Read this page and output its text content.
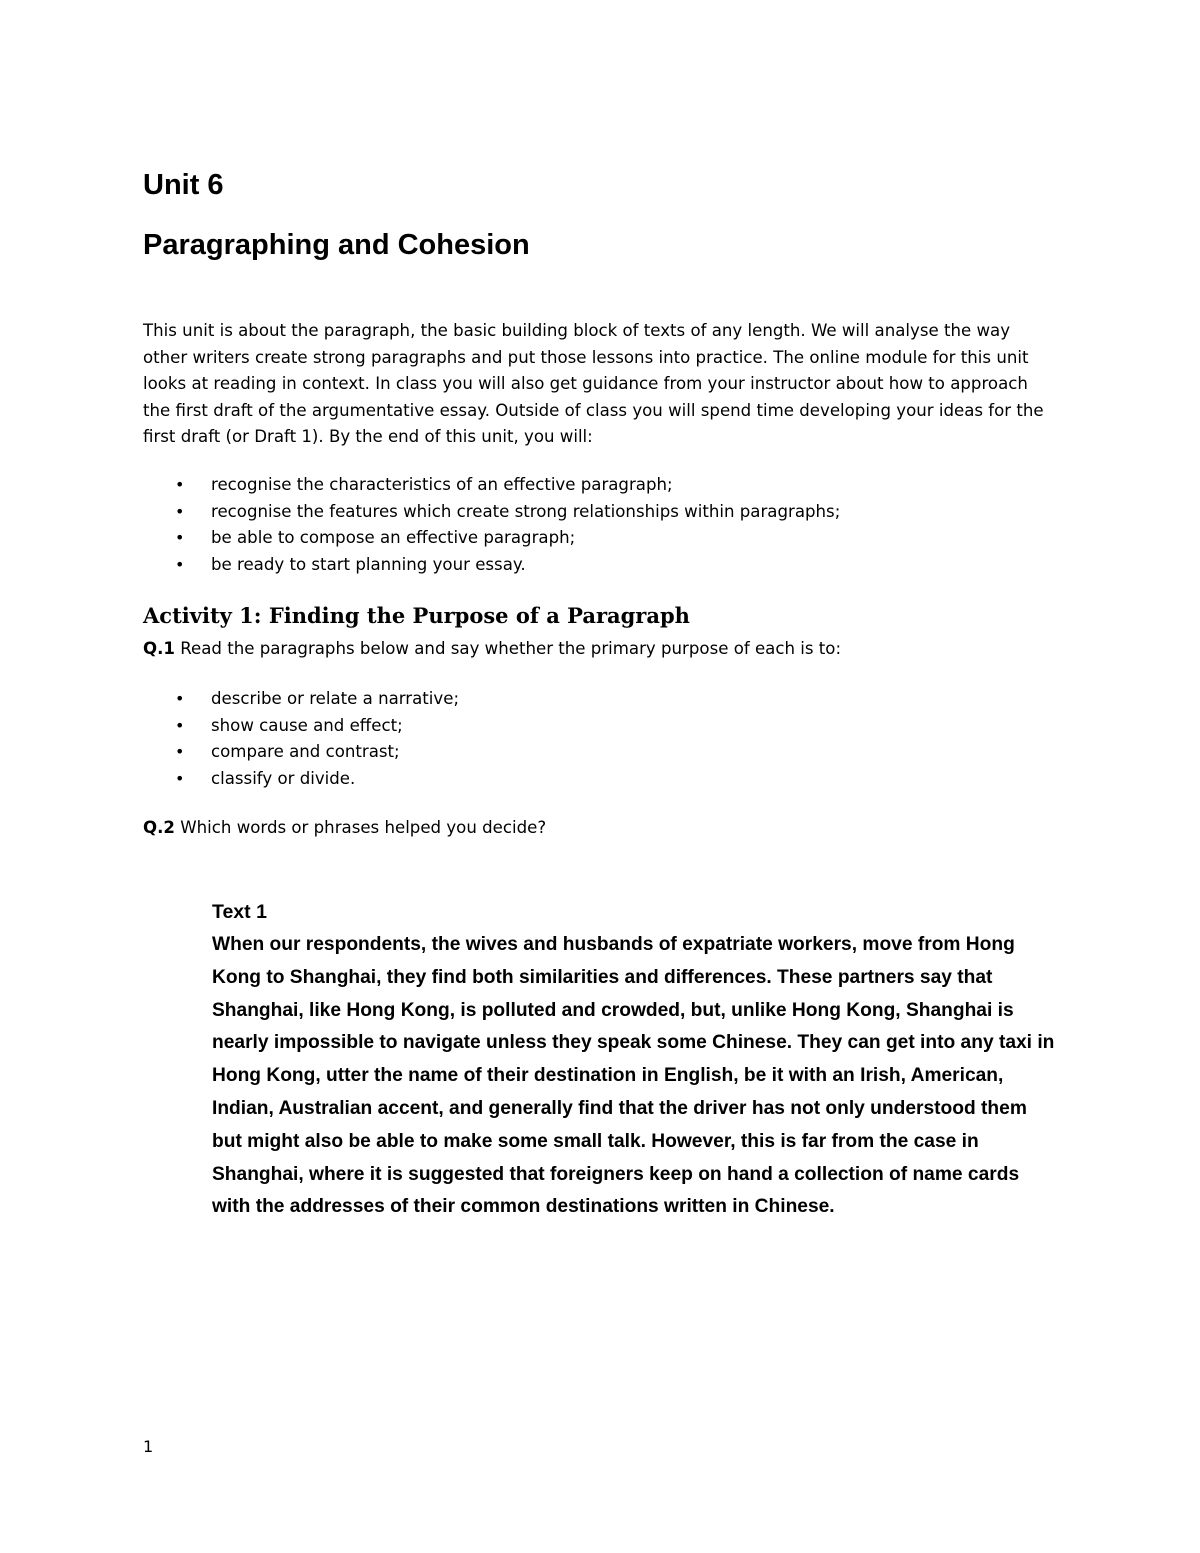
Unit 6
Paragraphing and Cohesion

This unit is about the paragraph, the basic building block of texts of any length. We will analyse the way other writers create strong paragraphs and put those lessons into practice. The online module for this unit looks at reading in context. In class you will also get guidance from your instructor about how to approach the first draft of the argumentative essay. Outside of class you will spend time developing your ideas for the first draft (or Draft 1). By the end of this unit, you will:

• recognise the characteristics of an effective paragraph;
• recognise the features which create strong relationships within paragraphs;
• be able to compose an effective paragraph;
• be ready to start planning your essay.
Activity 1: Finding the Purpose of a Paragraph

Q.1 Read the paragraphs below and say whether the primary purpose of each is to:

• describe or relate a narrative;
• show cause and effect;
• compare and contrast;
• classify or divide.

Q.2 Which words or phrases helped you decide?

Text 1

When our respondents, the wives and husbands of expatriate workers, move from Hong Kong to Shanghai, they find both similarities and differences. These partners say that Shanghai, like Hong Kong, is polluted and crowded, but, unlike Hong Kong, Shanghai is nearly impossible to navigate unless they speak some Chinese. They can get into any taxi in Hong Kong, utter the name of their destination in English, be it with an Irish, American, Indian, Australian accent, and generally find that the driver has not only understood them but might also be able to make some small talk. However, this is far from the case in Shanghai, where it is suggested that foreigners keep on hand a collection of name cards with the addresses of their common destinations written in Chinese.

1
